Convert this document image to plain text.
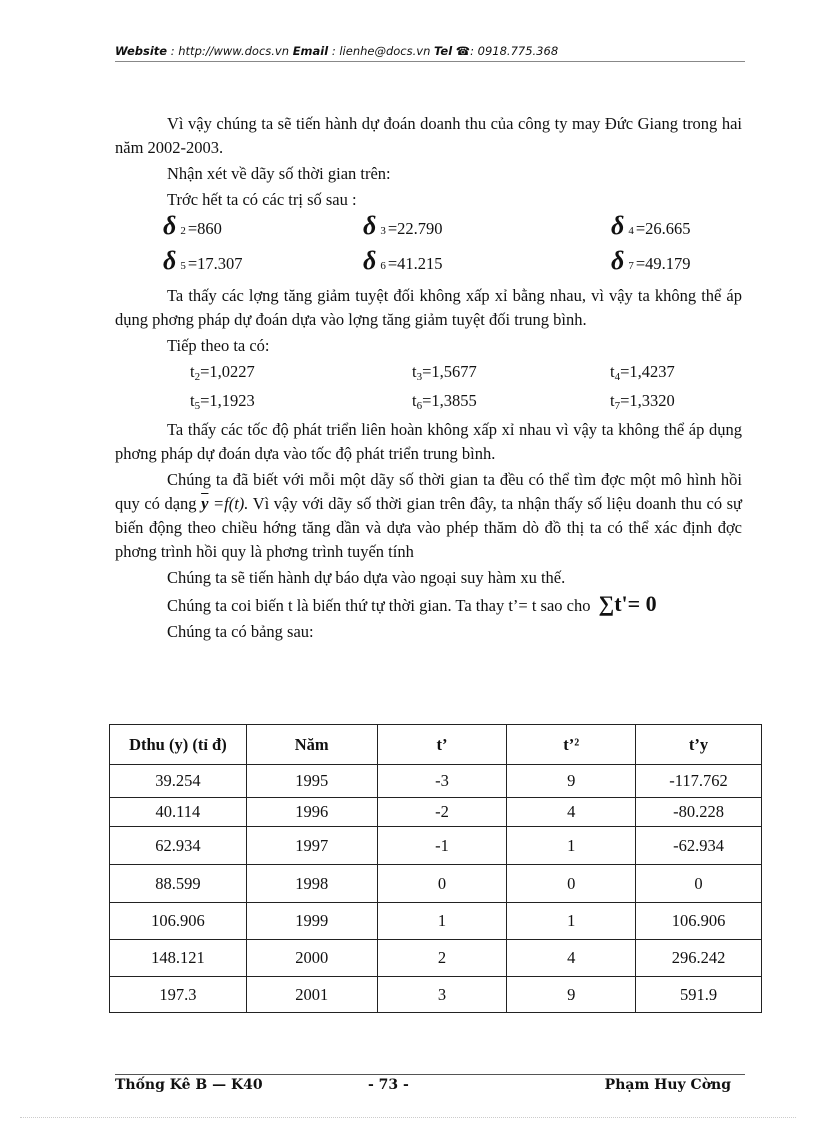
Website : http://www.docs.vn Email : lienhe@docs.vn Tel ☎: 0918.775.368

Vì vậy chúng ta sẽ tiến hành dự đoán doanh thu của công ty may Đức Giang trong hai năm 2002-2003.

Nhận xét về dãy số thời gian trên:

Trớc hết ta có các trị số sau :

δ 2 =860	δ 3 =22.790	δ 4 =26.665
δ 5 =17.307	δ 6 =41.215	δ 7 =49.179

Ta thấy các lợng tăng giảm tuyệt đối không xấp xỉ bằng nhau, vì vậy ta không thể áp dụng phơng pháp dự đoán dựa vào lợng tăng giảm tuyệt đối trung bình.

Tiếp theo ta có:

t2=1,0227	t3=1,5677	t4=1,4237
t5=1,1923	t6=1,3855	t7=1,3320

Ta thấy các tốc độ phát triển liên hoàn không xấp xỉ nhau vì vậy ta không thể áp dụng phơng pháp dự đoán dựa vào tốc độ phát triển trung bình.

Chúng ta đã biết với mỗi một dãy số thời gian ta đều có thể tìm đợc một mô hình hồi quy có dạng $\overline{y} =f(t)$. Vì vậy với dãy số thời gian trên đây, ta nhận thấy số liệu doanh thu có sự biến động theo chiều hớng tăng dần và dựa vào phép thăm dò đồ thị ta có thể xác định đợc phơng trình hồi quy là phơng trình tuyến tính

Chúng ta sẽ tiến hành dự báo dựa vào ngoại suy hàm xu thế.

Chúng ta coi biến t là biến thứ tự thời gian. Ta thay t’= t sao cho ∑t'= 0

Chúng ta có bảng sau:

Dthu (y) (tỉ đ)	Năm	t’	t’²	t’y
39.254	1995	-3	9	-117.762
40.114	1996	-2	4	-80.228
62.934	1997	-1	1	-62.934
88.599	1998	0	0	0
106.906	1999	1	1	106.906
148.121	2000	2	4	296.242
197.3	2001	3	9	591.9
Thống Kê B — K40	- 73 -	Phạm Huy Cờng
